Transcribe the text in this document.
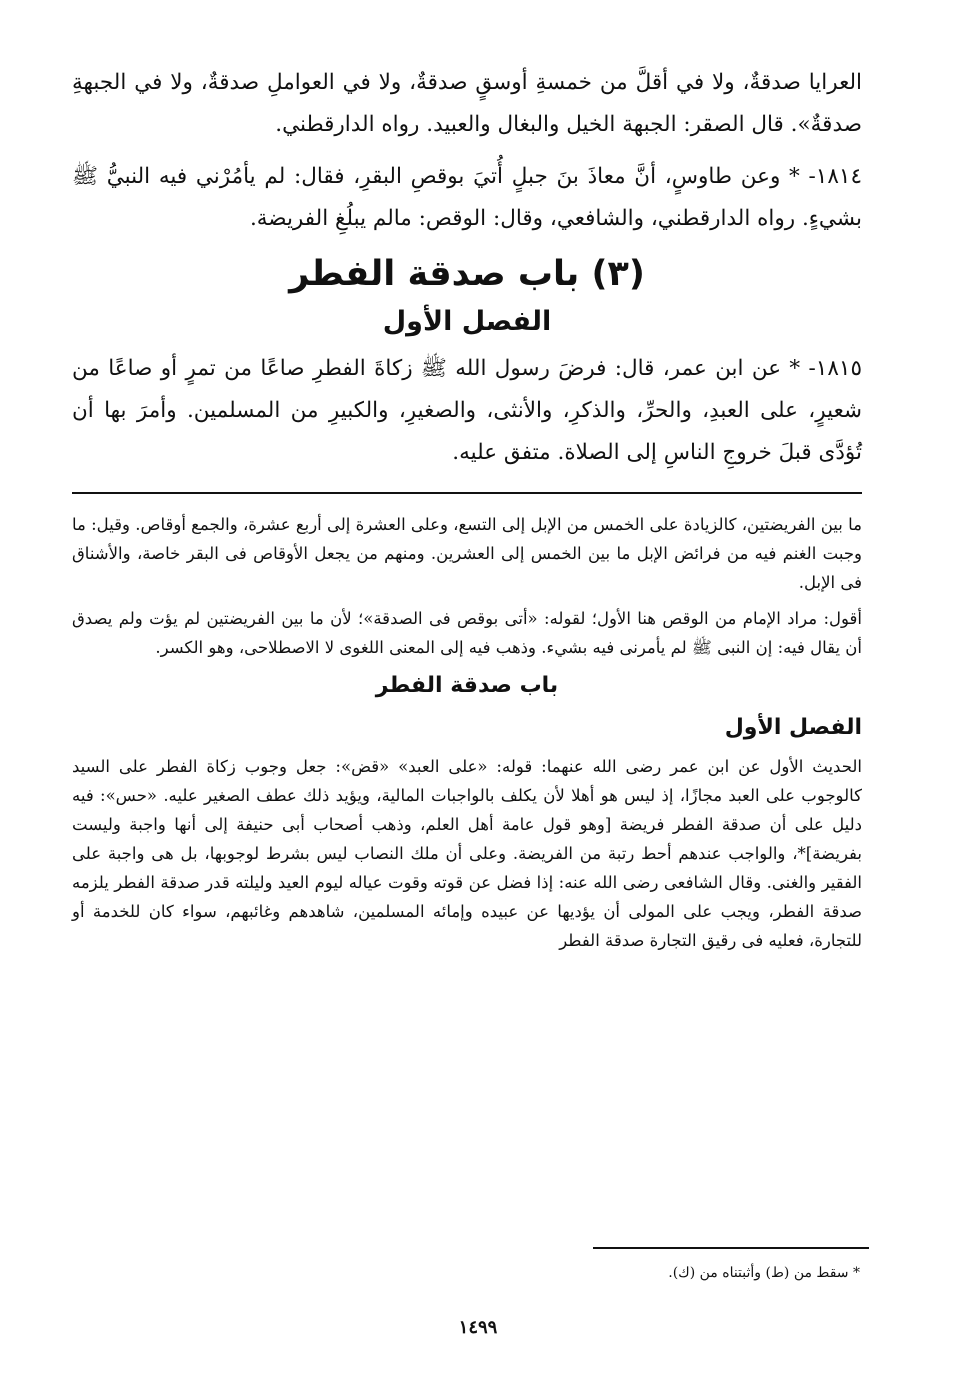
العرايا صدقةٌ، ولا في أقلَّ من خمسةِ أوسقٍ صدقةٌ، ولا في العواملِ صدقةٌ، ولا في الجبهةِ صدقةٌ». قال الصقر: الجبهة الخيل والبغال والعبيد. رواه الدارقطني.

١٨١٤- * وعن طاوسٍ، أنَّ معاذَ بنَ جبلٍ أُتيَ بوقصِ البقرِ، فقال: لم يأمُرْني فيه النبيُّ ﷺ بشيءٍ. رواه الدارقطني، والشافعي، وقال: الوقص: مالم يبلُغِ الفريضة.

(٣) باب صدقة الفطر
الفصل الأول

١٨١٥- * عن ابن عمر، قال: فرضَ رسول الله ﷺ زكاةَ الفطرِ صاعًا من تمرٍ أو صاعًا من شعيرٍ، على العبدِ، والحرِّ، والذكرِ، والأنثى، والصغيرِ، والكبيرِ من المسلمين. وأمرَ بها أن تُؤدَّى قبلَ خروجِ الناسِ إلى الصلاة. متفق عليه.

ما بين الفريضتين، كالزيادة على الخمس من الإبل إلى التسع، وعلى العشرة إلى أربع عشرة، والجمع أوقاص. وقيل: ما وجبت الغنم فيه من فرائض الإبل ما بين الخمس إلى العشرين. ومنهم من يجعل الأوقاص فى البقر خاصة، والأشناق فى الإبل.

أقول: مراد الإمام من الوقص هنا الأول؛ لقوله: «أتى بوقص فى الصدقة»؛ لأن ما بين الفريضتين لم يؤت ولم يصدق أن يقال فيه: إن النبى ﷺ لم يأمرنى فيه بشيء. وذهب فيه إلى المعنى اللغوى لا الاصطلاحى، وهو الكسر.

باب صدقة الفطر
الفصل الأول

الحديث الأول عن ابن عمر رضى الله عنهما: قوله: «على العبد» «قض»: جعل وجوب زكاة الفطر على السيد كالوجوب على العبد مجازًا، إذ ليس هو أهلا لأن يكلف بالواجبات المالية، ويؤيد ذلك عطف الصغير عليه. «حس»: فيه دليل على أن صدقة الفطر فريضة [وهو قول عامة أهل العلم، وذهب أصحاب أبى حنيفة إلى أنها واجبة وليست بفريضة]*، والواجب عندهم أحط رتبة من الفريضة. وعلى أن ملك النصاب ليس بشرط لوجوبها، بل هى واجبة على الفقير والغنى. وقال الشافعى رضى الله عنه: إذا فضل عن قوته وقوت عياله ليوم العيد وليلته قدر صدقة الفطر يلزمه صدقة الفطر، ويجب على المولى أن يؤديها عن عبيده وإمائه المسلمين، شاهدهم وغائبهم، سواء كان للخدمة أو للتجارة، فعليه فى رقيق التجارة صدقة الفطر

* سقط من (ط) وأثبتناه من (ك).
١٤٩٩
